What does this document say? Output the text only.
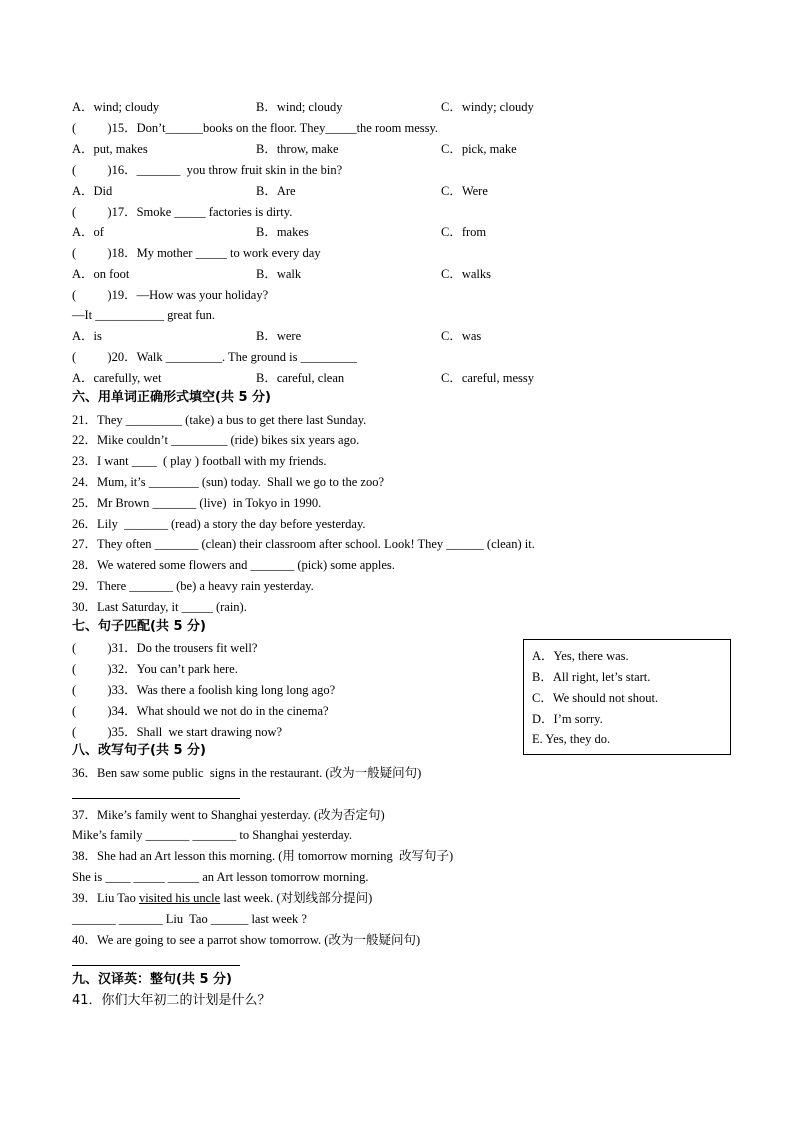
A．wind; cloudy	B．wind; cloudy	C．windy; cloudy
(          )15．Don’t______books on the floor. They_____the room messy.
A．put, makes	B．throw, make	C．pick, make
(          )16．_______  you throw fruit skin in the bin?
A．Did	B．Are	C．Were
(          )17．Smoke _____ factories is dirty.
A．of	B．makes	C．from
(          )18．My mother _____ to work every day
A．on foot	B．walk	C．walks
(          )19．—How was your holiday?
—It ___________ great fun.
A．is	B．were	C．was
(          )20．Walk _________. The ground is _________
A．carefully, wet	B．careful, clean	C．careful, messy
六、用单词正确形式填空(共 5 分)
21．They _________ (take) a bus to get there last Sunday.
22．Mike couldn’t _________ (ride) bikes six years ago.
23．I want ____  ( play ) football with my friends.
24．Mum, it’s ________ (sun) today.  Shall we go to the zoo?
25．Mr Brown _______ (live)  in Tokyo in 1990.
26．Lily  _______ (read) a story the day before yesterday.
27．They often _______ (clean) their classroom after school. Look! They ______ (clean) it.
28．We watered some flowers and _______ (pick) some apples.
29．There _______ (be) a heavy rain yesterday.
30．Last Saturday, it _____ (rain).
七、句子匹配(共 5 分)
(          )31．Do the trousers fit well?
(          )32．You can’t park here.
(          )33．Was there a foolish king long long ago?
(          )34．What should we not do in the cinema?
(          )35．Shall  we start drawing now?
A．Yes, there was.
B．All right, let’s start.
C．We should not shout.
D．I’m sorry.
E. Yes, they do.
八、改写句子(共 5 分)
36．Ben saw some public  signs in the restaurant. (改为一般疑问句)
37．Mike’s family went to Shanghai yesterday. (改为否定句)
Mike’s family _______ _______ to Shanghai yesterday.
38．She had an Art lesson this morning. (用 tomorrow morning  改写句子)
She is ____ _____ _____ an Art lesson tomorrow morning.
39．Liu Tao visited his uncle last week. (对划线部分提问)
_______ _______ Liu  Tao ______ last week ?
40．We are going to see a parrot show tomorrow. (改为一般疑问句)
九、汉译英：整句(共 5 分)
41．你们大年初二的计划是什么？
